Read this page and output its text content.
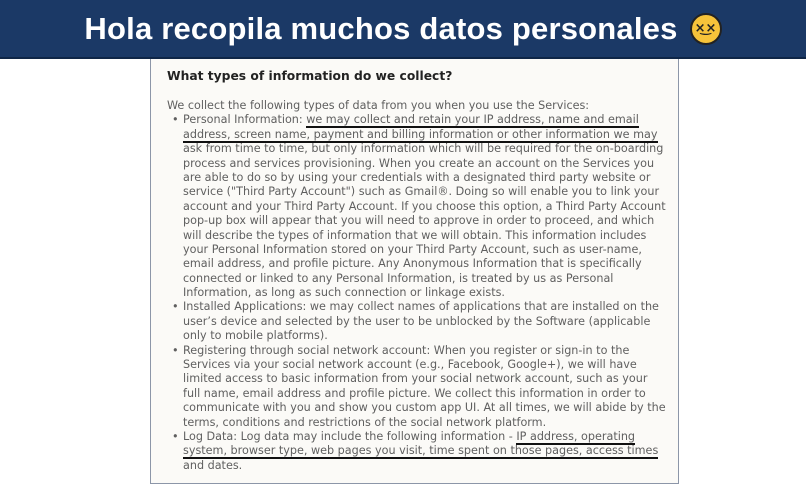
Hola recopila muchos datos personales	×͜×
What types of information do we collect?
We collect the following types of data from you when you use the Services:
• Personal Information: we may collect and retain your IP address, name and email
address, screen name, payment and billing information or other information we may
ask from time to time, but only information which will be required for the on-boarding
process and services provisioning. When you create an account on the Services you
are able to do so by using your credentials with a designated third party website or
service ("Third Party Account") such as Gmail®. Doing so will enable you to link your
account and your Third Party Account. If you choose this option, a Third Party Account
pop-up box will appear that you will need to approve in order to proceed, and which
will describe the types of information that we will obtain. This information includes
your Personal Information stored on your Third Party Account, such as user-name,
email address, and profile picture. Any Anonymous Information that is specifically
connected or linked to any Personal Information, is treated by us as Personal
Information, as long as such connection or linkage exists.
• Installed Applications: we may collect names of applications that are installed on the
user’s device and selected by the user to be unblocked by the Software (applicable
only to mobile platforms).
• Registering through social network account: When you register or sign-in to the
Services via your social network account (e.g., Facebook, Google+), we will have
limited access to basic information from your social network account, such as your
full name, email address and profile picture. We collect this information in order to
communicate with you and show you custom app UI. At all times, we will abide by the
terms, conditions and restrictions of the social network platform.
• Log Data: Log data may include the following information - IP address, operating
system, browser type, web pages you visit, time spent on those pages, access times
and dates.
